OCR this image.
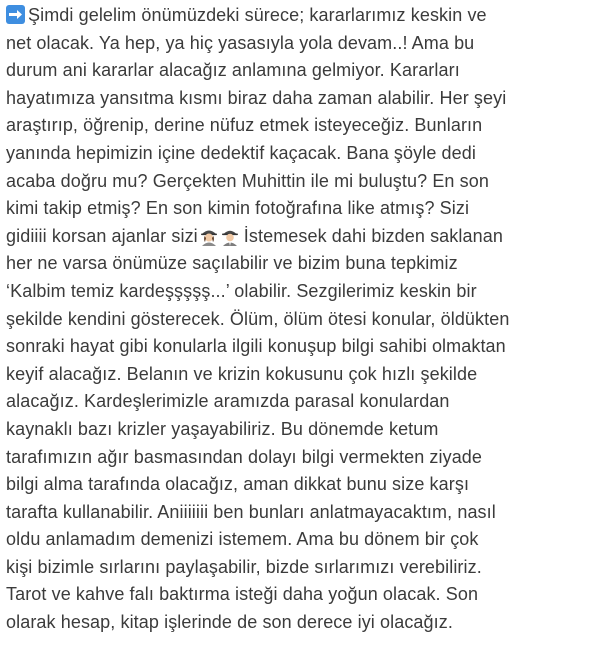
Şimdi gelelim önümüzdeki sürece; kararlarımız keskin ve
net olacak. Ya hep, ya hiç yasasıyla yola devam..! Ama bu
durum ani kararlar alacağız anlamına gelmiyor. Kararları
hayatımıza yansıtma kısmı biraz daha zaman alabilir. Her şeyi
araştırıp, öğrenip, derine nüfuz etmek isteyeceğiz. Bunların
yanında hepimizin içine dedektif kaçacak. Bana şöyle dedi
acaba doğru mu? Gerçekten Muhittin ile mi buluştu? En son
kimi takip etmiş? En son kimin fotoğrafına like atmış? Sizi
gidiiii korsan ajanlar sizi	İstemesek dahi bizden saklanan
her ne varsa önümüze saçılabilir ve bizim buna tepkimiz
‘Kalbim temiz kardeşşşşş...’ olabilir. Sezgilerimiz keskin bir
şekilde kendini gösterecek. Ölüm, ölüm ötesi konular, öldükten
sonraki hayat gibi konularla ilgili konuşup bilgi sahibi olmaktan
keyif alacağız. Belanın ve krizin kokusunu çok hızlı şekilde
alacağız. Kardeşlerimizle aramızda parasal konulardan
kaynaklı bazı krizler yaşayabiliriz. Bu dönemde ketum
tarafımızın ağır basmasından dolayı bilgi vermekten ziyade
bilgi alma tarafında olacağız, aman dikkat bunu size karşı
tarafta kullanabilir. Aniiiiiii ben bunları anlatmayacaktım, nasıl
oldu anlamadım demenizi istemem. Ama bu dönem bir çok
kişi bizimle sırlarını paylaşabilir, bizde sırlarımızı verebiliriz.
Tarot ve kahve falı baktırma isteği daha yoğun olacak. Son
olarak hesap, kitap işlerinde de son derece iyi olacağız.
